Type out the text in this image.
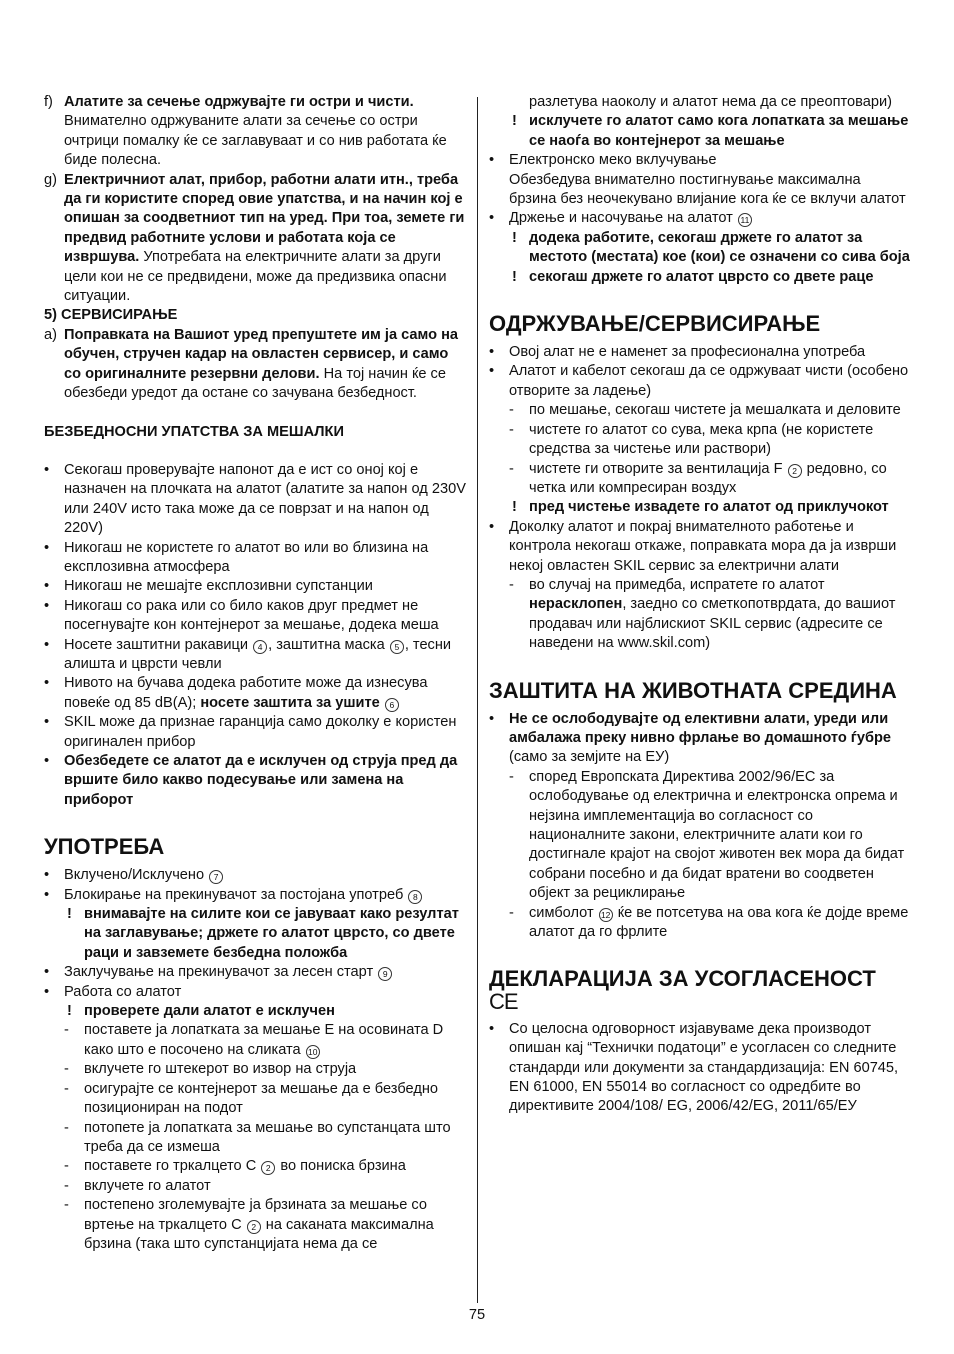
f) Алатите за сечење одржувајте ги остри и чисти. Внимателно одржуваните алати за сечење со остри очтрици помалку ќе се заглавуваат и со нив работата ќе биде полесна.
g) Електричниот алат, прибор, работни алати итн., треба да ги користите според овие упатства, и на начин кој е опишан за соодветниот тип на уред. При тоа, земете ги предвид работните услови и работата која се извршува. Употребата на електричните алати за други цели кои не се предвидени, може да предизвика опасни ситуации.
5) СЕРВИСИРАЊЕ
a) Поправката на Вашиот уред препуштете им ја само на обучен, стручен кадар на овластен сервисер, и само со оригиналните резервни делови. На тој начин ќе се обезбеди уредот да остане со зачувана безбедност.
БЕЗБЕДНОСНИ УПАТСТВА ЗА МЕШАЛКИ
•	Секогаш проверувајте напонот да е ист со оној кој е назначен на плочката на алатот (алатите за напон од 230V или 240V исто така може да се поврзат и на напон од 220V)
•	Никогаш не користете го алатот во или во близина на експлозивна атмосфера
•	Никогаш не мешајте експлозивни супстанции
•	Никогаш со рака или со било каков друг предмет не посегнувајте кон контејнерот за мешање, додека меша
•	Носете заштитни ракавици 4 , заштитна маска 5 , тесни алишта и цврсти чевли
•	Нивото на бучава додека работите може да изнесува повеќе од 85 dB(A); носете заштита за ушите 6
•	SKIL може да признае гаранција само доколку е користен оригинален прибор
•	Обезбедете се алатот да е исклучен од струја пред да вршите било какво подесување или замена на приборот
УПОТРЕБА
•	Вклучено/Исклучено 7
•	Блокирање на прекинувачот за постојана употреб 8
! внимавајте на силите кои се јавуваат како резултат на заглавување; држете го алатот цврсто, со двете раци и завземете безбедна положба
•	Заклучување на прекинувачот за лесен старт 9
•	Работа со алатот
! проверете дали алатот е исклучен
-	поставете ја лопатката за мешање E на осовината D како што е посочено на сликата 10
-	вклучете го штекерот во извор на струја
-	осигурајте се контејнерот за мешање да е безбедно позициониран на подот
-	потопете ја лопатката за мешање во супстанцата што треба да се измеша
-	поставете го тркалцето C 2 во пониска брзина
-	вклучете го алатот
-	постепено зголемувајте ја брзината за мешање со вртење на тркалцето C 2 на саканата максимална брзина (така што супстанцијата нема да се
разлетува наоколу и алатот нема да се преоптовари)
! исклучете го алатот само кога лопатката за мешање се наоѓа во контејнерот за мешање
•	Електронско меко вклучување
Обезбедува внимателно постигнување максимална брзина без неочекувано влијание кога ќе се вклучи алатот
•	Држење и насочување на алатот 11
! додека работите, секогаш држете го алатот за местото (местата) кое (кои) се означени со сива боја
! секогаш држете го алатот цврсто со двете раце
ОДРЖУВАЊЕ/СЕРВИСИРАЊЕ
•	Овој алат не е наменет за професионална употреба
•	Алатот и кабелот секогаш да се одржуваат чисти (особено отворите за ладење)
-	по мешање, секогаш чистете ја мешалката и деловите
-	чистете го алатот со сува, мека крпа (не користете средства за чистење или раствори)
-	чистете ги отворите за вентилација F 2 редовно, со четка или компресиран воздух
! пред чистење извадете го алатот од приклучокот
•	Доколку алатот и покрај внимателното работење и контрола некогаш откаже, поправката мора да ја изврши некој овластен SKIL сервис за електрични алати
-	во случај на примедба, испратете го алатот нерасклопен, заедно со сметкопотврдата, до вашиот продавач или најблискиот SKIL сервис (адресите се наведени на www.skil.com)
ЗАШТИТА НА ЖИВОТНАТА СРЕДИНА
•	Не се ослободувајте од елективни алати, уреди или амбалажа преку нивно фрлање во домашното ѓубре (само за земјите на ЕУ)
-	според Европската Директива 2002/96/EC за ослободување од електрична и електронска опрема и нејзина имплементација во согласност со националните закони, електричните алати кои го достигнале крајот на својот животен век мора да бидат собрани посебно и да бидат вратени во соодветен објект за рециклирање
-	симболот 12 ќе ве потсетува на ова кога ќе дојде време алатот да го фрлите
ДЕКЛАРАЦИЈА ЗА УСОГЛАСЕНОСТ
CE
•	Со целосна одговорност изјавуваме дека производот опишан кај “Технички податоци” е усогласен со следните стандарди или документи за стандардизација: EN 60745, EN 61000, EN 55014 во согласност со одредбите во директивите 2004/108/ EG, 2006/42/EG, 2011/65/ЕУ
75
